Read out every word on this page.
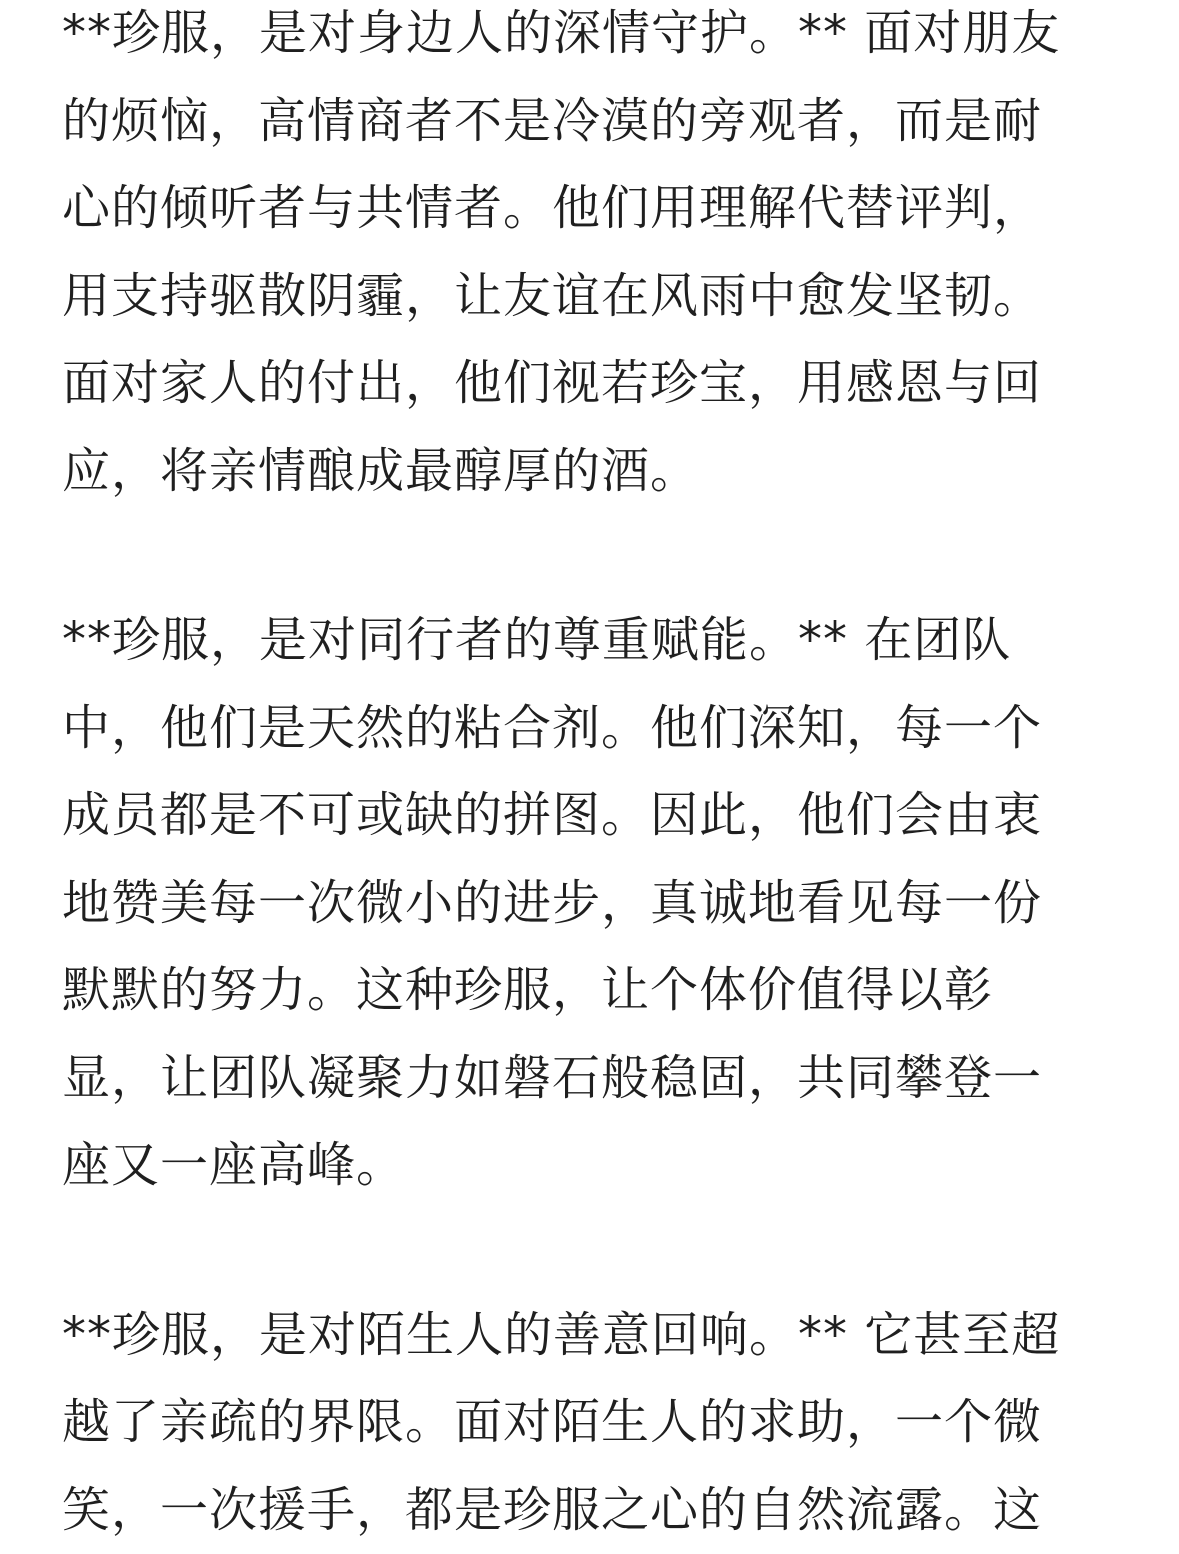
**珍服，是对身边人的深情守护。** 面对朋友
的烦恼，高情商者不是冷漠的旁观者，而是耐
心的倾听者与共情者。他们用理解代替评判，
用支持驱散阴霾，让友谊在风雨中愈发坚韧。
面对家人的付出，他们视若珍宝，用感恩与回
应，将亲情酿成最醇厚的酒。
**珍服，是对同行者的尊重赋能。** 在团队
中，他们是天然的粘合剂。他们深知，每一个
成员都是不可或缺的拼图。因此，他们会由衷
地赞美每一次微小的进步，真诚地看见每一份
默默的努力。这种珍服，让个体价值得以彰
显，让团队凝聚力如磐石般稳固，共同攀登一
座又一座高峰。
**珍服，是对陌生人的善意回响。** 它甚至超
越了亲疏的界限。面对陌生人的求助，一个微
笑，一次援手，都是珍服之心的自然流露。这
